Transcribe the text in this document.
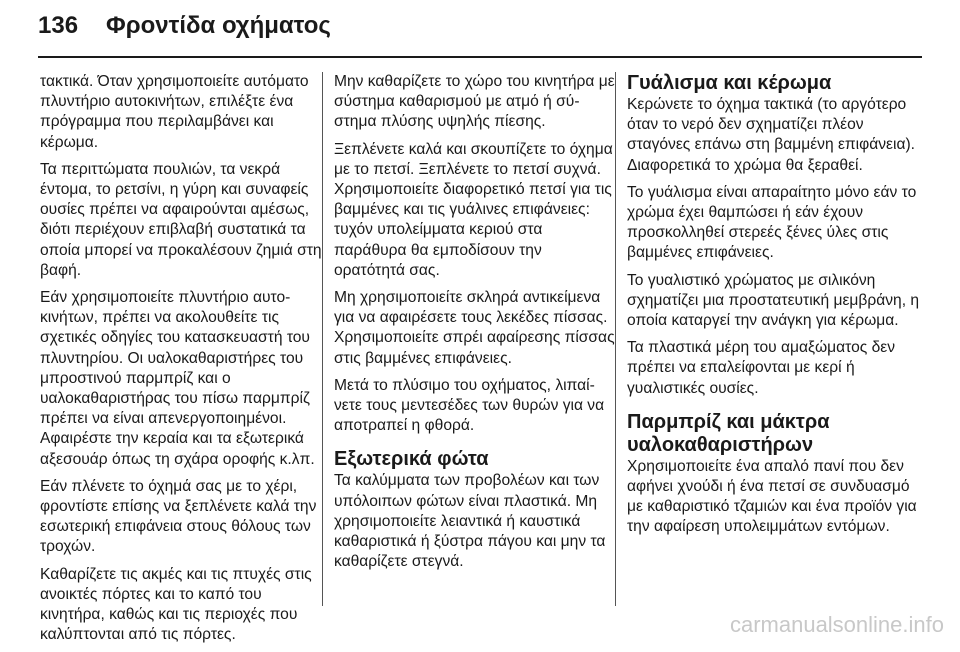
136 Φροντίδα οχήματος

τακτικά. Όταν χρησιμοποιείτε αυτόματο πλυντήριο αυτοκινήτων, επιλέξτε ένα πρόγραμμα που περιλαμβάνει και κέρωμα.

Τα περιττώματα πουλιών, τα νεκρά έντομα, το ρετσίνι, η γύρη και συναφείς ουσίες πρέπει να αφαιρούνται αμέσως, διότι περιέχουν επιβλαβή συστατικά τα οποία μπορεί να προκαλέσουν ζημιά στη βαφή.

Εάν χρησιμοποιείτε πλυντήριο αυτοκινήτων, πρέπει να ακολουθείτε τις σχετικές οδηγίες του κατασκευαστή του πλυντηρίου. Οι υαλοκαθαριστήρες του μπροστινού παρμπρίζ και ο υαλοκαθαριστήρας του πίσω παρμπρίζ πρέπει να είναι απενεργοποιημένοι. Αφαιρέστε την κεραία και τα εξωτερικά αξεσουάρ όπως τη σχάρα οροφής κ.λπ.

Εάν πλένετε το όχημά σας με το χέρι, φροντίστε επίσης να ξεπλένετε καλά την εσωτερική επιφάνεια στους θόλους των τροχών.

Καθαρίζετε τις ακμές και τις πτυχές στις ανοικτές πόρτες και το καπό του κινητήρα, καθώς και τις περιοχές που καλύπτονται από τις πόρτες.

Μην καθαρίζετε το χώρο του κινητήρα με σύστημα καθαρισμού με ατμό ή σύστημα πλύσης υψηλής πίεσης.

Ξεπλένετε καλά και σκουπίζετε το όχημα με το πετσί. Ξεπλένετε το πετσί συχνά. Χρησιμοποιείτε διαφορετικό πετσί για τις βαμμένες και τις γυάλινες επιφάνειες: τυχόν υπολείμματα κεριού στα παράθυρα θα εμποδίσουν την ορατότητά σας.

Μη χρησιμοποιείτε σκληρά αντικείμενα για να αφαιρέσετε τους λεκέδες πίσσας. Χρησιμοποιείτε σπρέι αφαίρεσης πίσσας στις βαμμένες επιφάνειες.

Μετά το πλύσιμο του οχήματος, λιπαίνετε τους μεντεσέδες των θυρών για να αποτραπεί η φθορά.

Εξωτερικά φώτα

Τα καλύμματα των προβολέων και των υπόλοιπων φώτων είναι πλαστικά. Μη χρησιμοποιείτε λειαντικά ή καυστικά καθαριστικά ή ξύστρα πάγου και μην τα καθαρίζετε στεγνά.

Γυάλισμα και κέρωμα

Κερώνετε το όχημα τακτικά (το αργότερο όταν το νερό δεν σχηματίζει πλέον σταγόνες επάνω στη βαμμένη επιφάνεια). Διαφορετικά το χρώμα θα ξεραθεί.

Το γυάλισμα είναι απαραίτητο μόνο εάν το χρώμα έχει θαμπώσει ή εάν έχουν προσκολληθεί στερεές ξένες ύλες στις βαμμένες επιφάνειες.

Το γυαλιστικό χρώματος με σιλικόνη σχηματίζει μια προστατευτική μεμβράνη, η οποία καταργεί την ανάγκη για κέρωμα.

Τα πλαστικά μέρη του αμαξώματος δεν πρέπει να επαλείφονται με κερί ή γυαλιστικές ουσίες.

Παρμπρίζ και μάκτρα υαλοκαθαριστήρων

Χρησιμοποιείτε ένα απαλό πανί που δεν αφήνει χνούδι ή ένα πετσί σε συνδυασμό με καθαριστικό τζαμιών και ένα προϊόν για την αφαίρεση υπολειμμάτων εντόμων.

carmanualsonline.info
